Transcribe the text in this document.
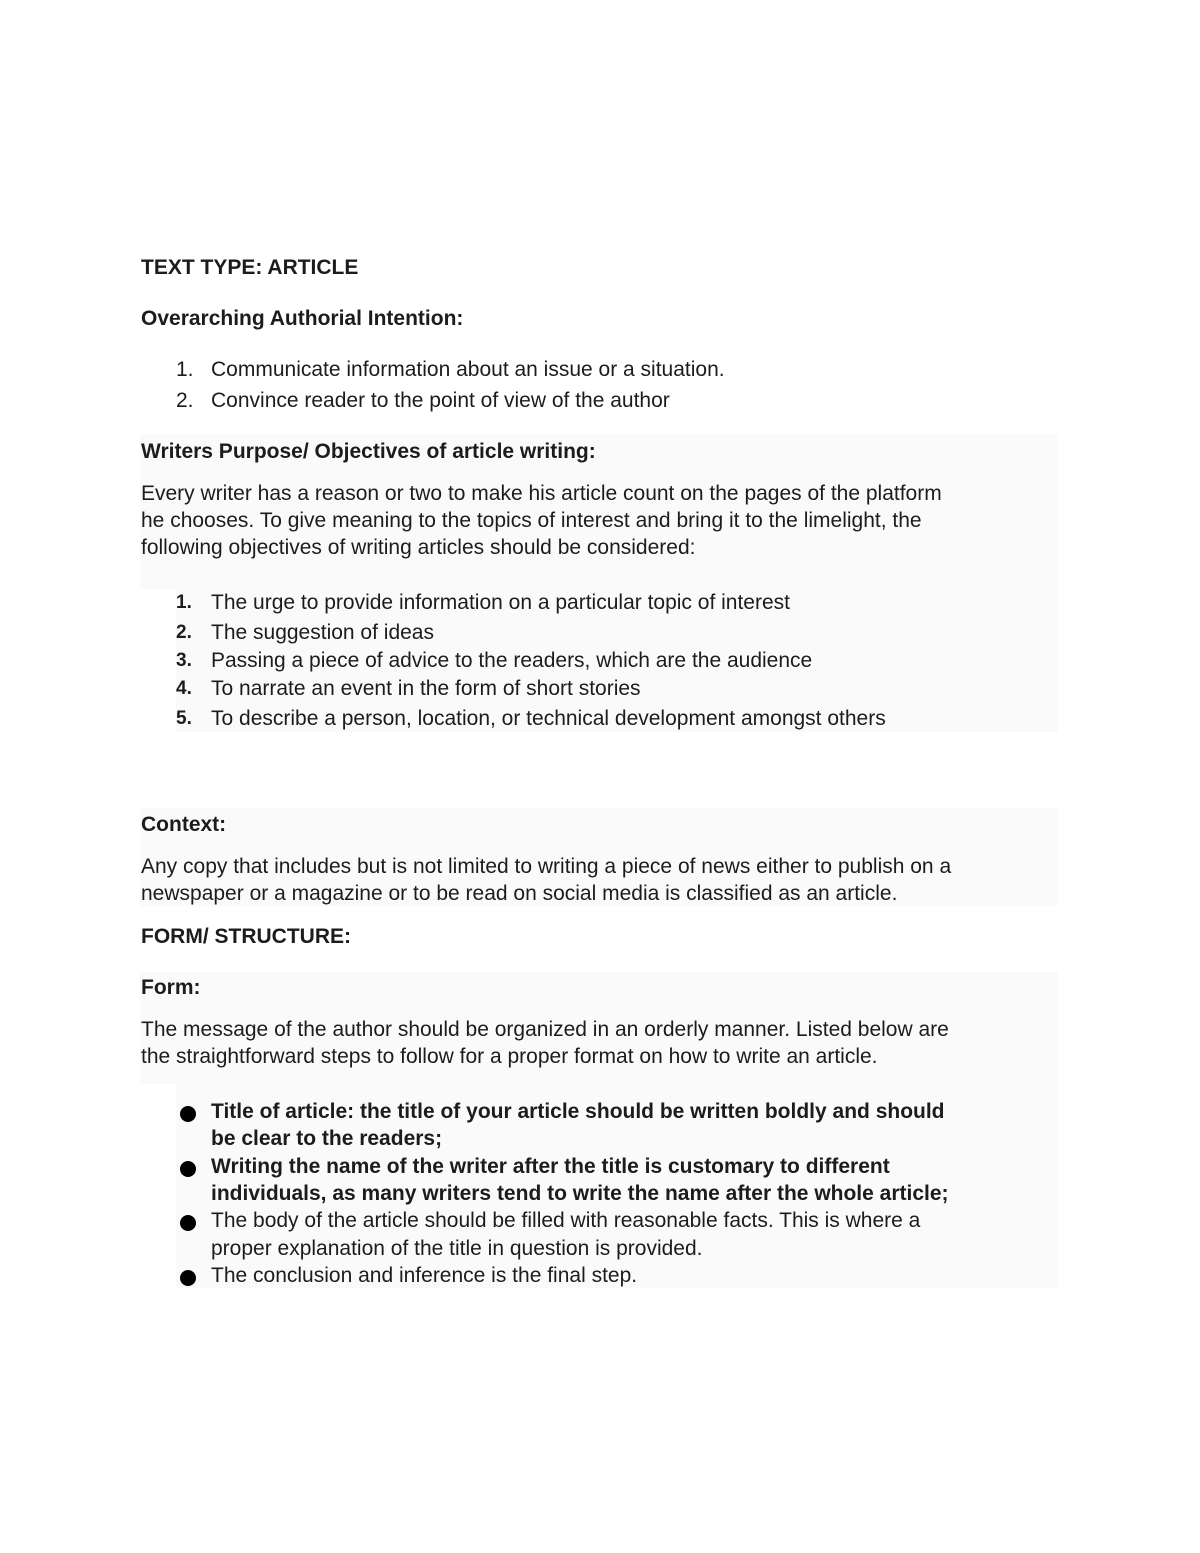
TEXT TYPE: ARTICLE
Overarching Authorial Intention:
1. Communicate information about an issue or a situation.
2. Convince reader to the point of view of the author
Writers Purpose/ Objectives of article writing:
Every writer has a reason or two to make his article count on the pages of the platform
he chooses. To give meaning to the topics of interest and bring it to the limelight, the
following objectives of writing articles should be considered:
1. The urge to provide information on a particular topic of interest
2. The suggestion of ideas
3. Passing a piece of advice to the readers, which are the audience
4. To narrate an event in the form of short stories
5. To describe a person, location, or technical development amongst others
Context:
Any copy that includes but is not limited to writing a piece of news either to publish on a
newspaper or a magazine or to be read on social media is classified as an article.
FORM/ STRUCTURE:
Form:
The message of the author should be organized in an orderly manner. Listed below are
the straightforward steps to follow for a proper format on how to write an article.
Title of article: the title of your article should be written boldly and should
be clear to the readers;
Writing the name of the writer after the title is customary to different
individuals, as many writers tend to write the name after the whole article;
The body of the article should be filled with reasonable facts. This is where a
proper explanation of the title in question is provided.
The conclusion and inference is the final step.
